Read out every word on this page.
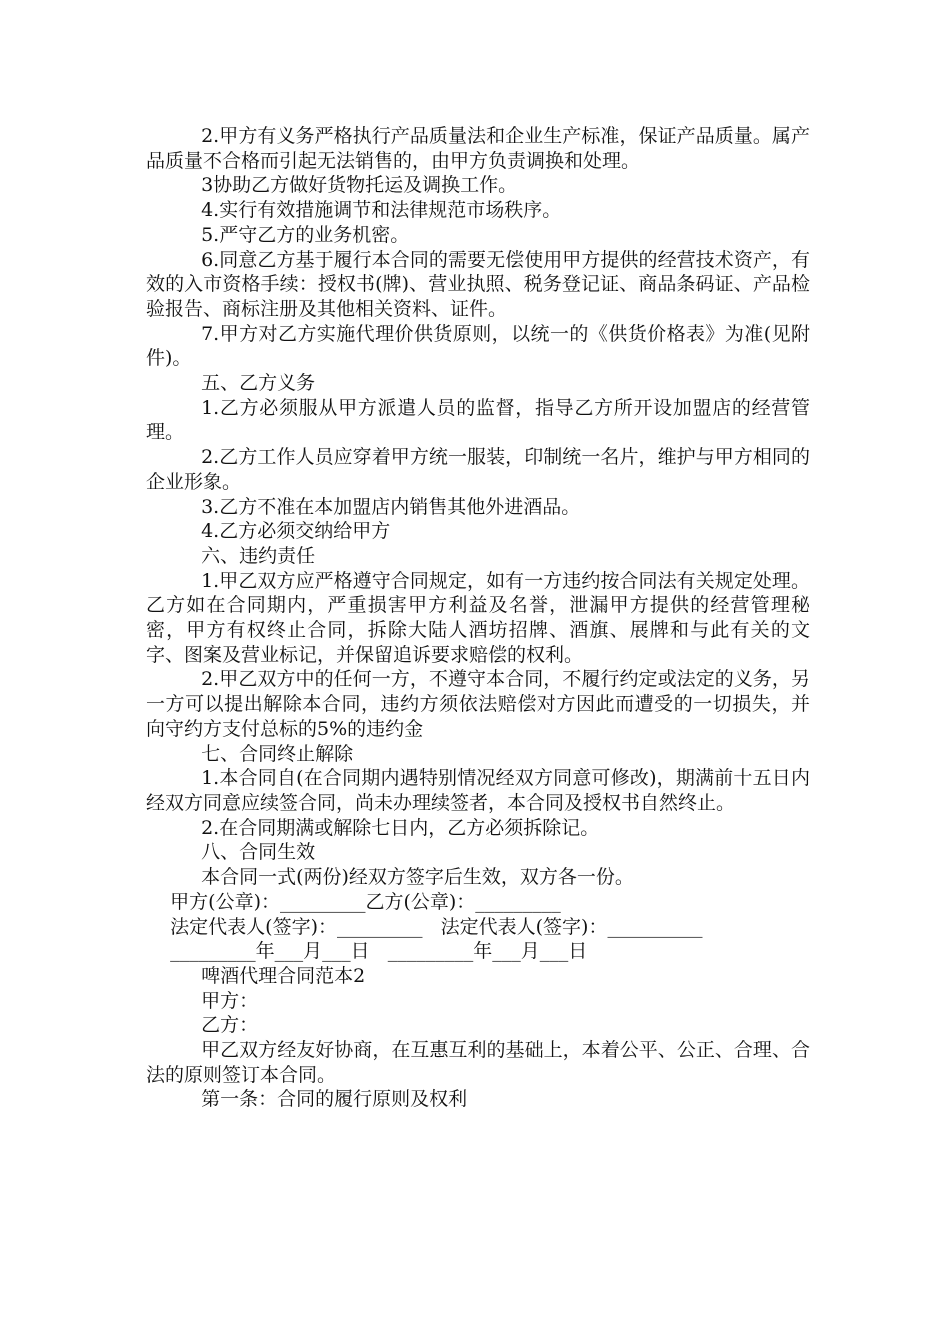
2.甲方有义务严格执行产品质量法和企业生产标准，保证产品质量。属产品质量不合格而引起无法销售的，由甲方负责调换和处理。

3协助乙方做好货物托运及调换工作。

4.实行有效措施调节和法律规范市场秩序。

5.严守乙方的业务机密。

6.同意乙方基于履行本合同的需要无偿使用甲方提供的经营技术资产，有效的入市资格手续：授权书(牌)、营业执照、税务登记证、商品条码证、产品检验报告、商标注册及其他相关资料、证件。

7.甲方对乙方实施代理价供货原则，以统一的《供货价格表》为准(见附件)。

五、乙方义务

1.乙方必须服从甲方派遣人员的监督，指导乙方所开设加盟店的经营管理。

2.乙方工作人员应穿着甲方统一服装，印制统一名片，维护与甲方相同的企业形象。

3.乙方不准在本加盟店内销售其他外进酒品。

4.乙方必须交纳给甲方

六、违约责任

1.甲乙双方应严格遵守合同规定，如有一方违约按合同法有关规定处理。乙方如在合同期内，严重损害甲方利益及名誉，泄漏甲方提供的经营管理秘密，甲方有权终止合同，拆除大陆人酒坊招牌、酒旗、展牌和与此有关的文字、图案及营业标记，并保留追诉要求赔偿的权利。

2.甲乙双方中的任何一方，不遵守本合同，不履行约定或法定的义务，另一方可以提出解除本合同，违约方须依法赔偿对方因此而遭受的一切损失，并向守约方支付总标的5%的违约金

七、合同终止解除

1.本合同自(在合同期内遇特别情况经双方同意可修改)，期满前十五日内经双方同意应续签合同，尚未办理续签者，本合同及授权书自然终止。

2.在合同期满或解除七日内，乙方必须拆除记。

八、合同生效

本合同一式(两份)经双方签字后生效，双方各一份。

甲方(公章)：_________乙方(公章)：_________
法定代表人(签字)：_________   法定代表人(签字)：__________
_________年___月___日   _________年___月___日

啤酒代理合同范本2

甲方：

乙方：

甲乙双方经友好协商，在互惠互利的基础上，本着公平、公正、合理、合法的原则签订本合同。

第一条：合同的履行原则及权利
